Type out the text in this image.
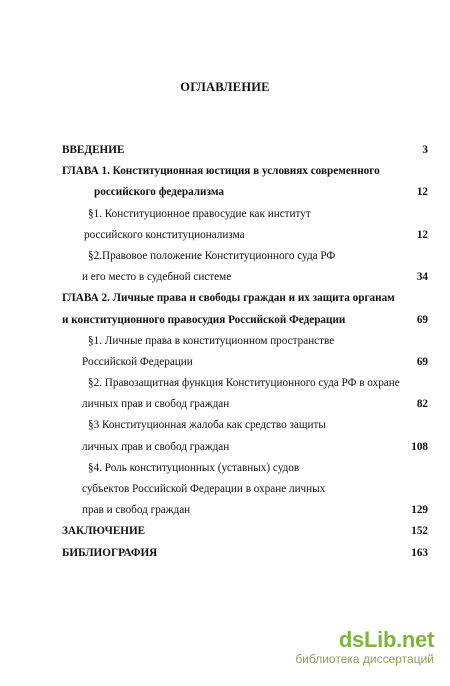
ОГЛАВЛЕНИЕ
ВВЕДЕНИЕ	3
ГЛАВА 1. Конституционная юстиция в условиях современного
российского федерализма	12
§1. Конституционное правосудие как институт
российского конституционализма	12
§2.Правовое положение Конституционного суда РФ
и его место в судебной системе	34
ГЛАВА 2. Личные права и свободы граждан и их защита органам
и конституционного правосудия Российской Федерации	69
§1. Личные права в конституционном пространстве
Российской Федерации	69
§2. Правозащитная функция Конституционного суда РФ в охране
личных прав и свобод граждан	82
§3 Конституционная жалоба как средство защиты
личных прав и свобод граждан	108
§4. Роль конституционных (уставных) судов
субъектов Российской Федерации в охране личных
прав и свобод граждан	129
ЗАКЛЮЧЕНИЕ	152
БИБЛИОГРАФИЯ	163
dsLib.net
библиотека диссертаций
